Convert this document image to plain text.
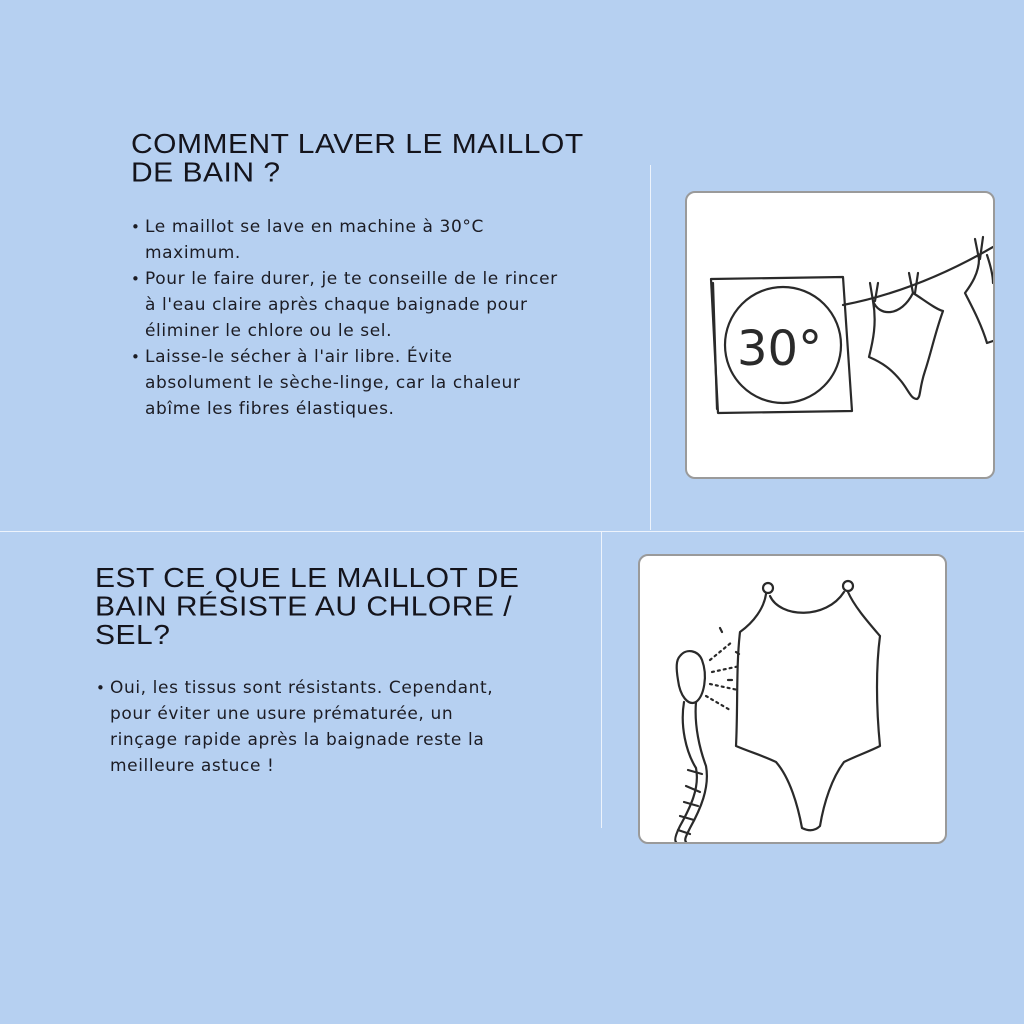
COMMENT LAVER LE MAILLOT
DE BAIN ?
• Le maillot se lave en machine à 30°C
maximum.
• Pour le faire durer, je te conseille de le rincer
à l'eau claire après chaque baignade pour
éliminer le chlore ou le sel.
• Laisse-le sécher à l'air libre. Évite
absolument le sèche-linge, car la chaleur
abîme les fibres élastiques.
30°
EST CE QUE LE MAILLOT DE
BAIN RÉSISTE AU CHLORE /
SEL?
• Oui, les tissus sont résistants. Cependant,
pour éviter une usure prématurée, un
rinçage rapide après la baignade reste la
meilleure astuce !
